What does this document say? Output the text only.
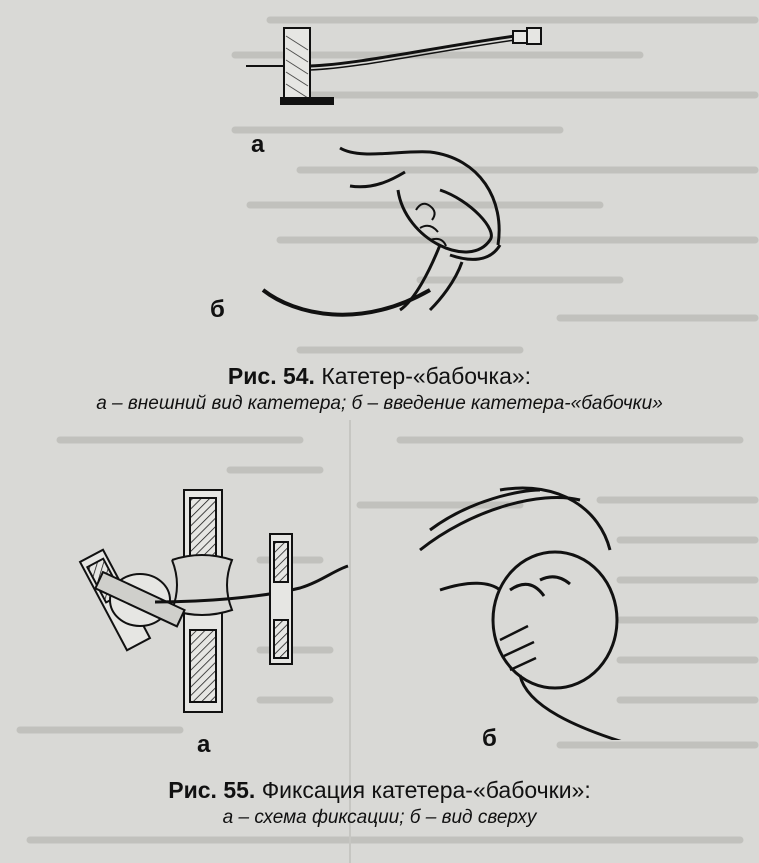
а
б
Рис. 54. Катетер-«бабочка»:
а – внешний вид катетера; б – введение катетера-«бабочки»
а	б
Рис. 55. Фиксация катетера-«бабочки»:
а – схема фиксации; б – вид сверху
